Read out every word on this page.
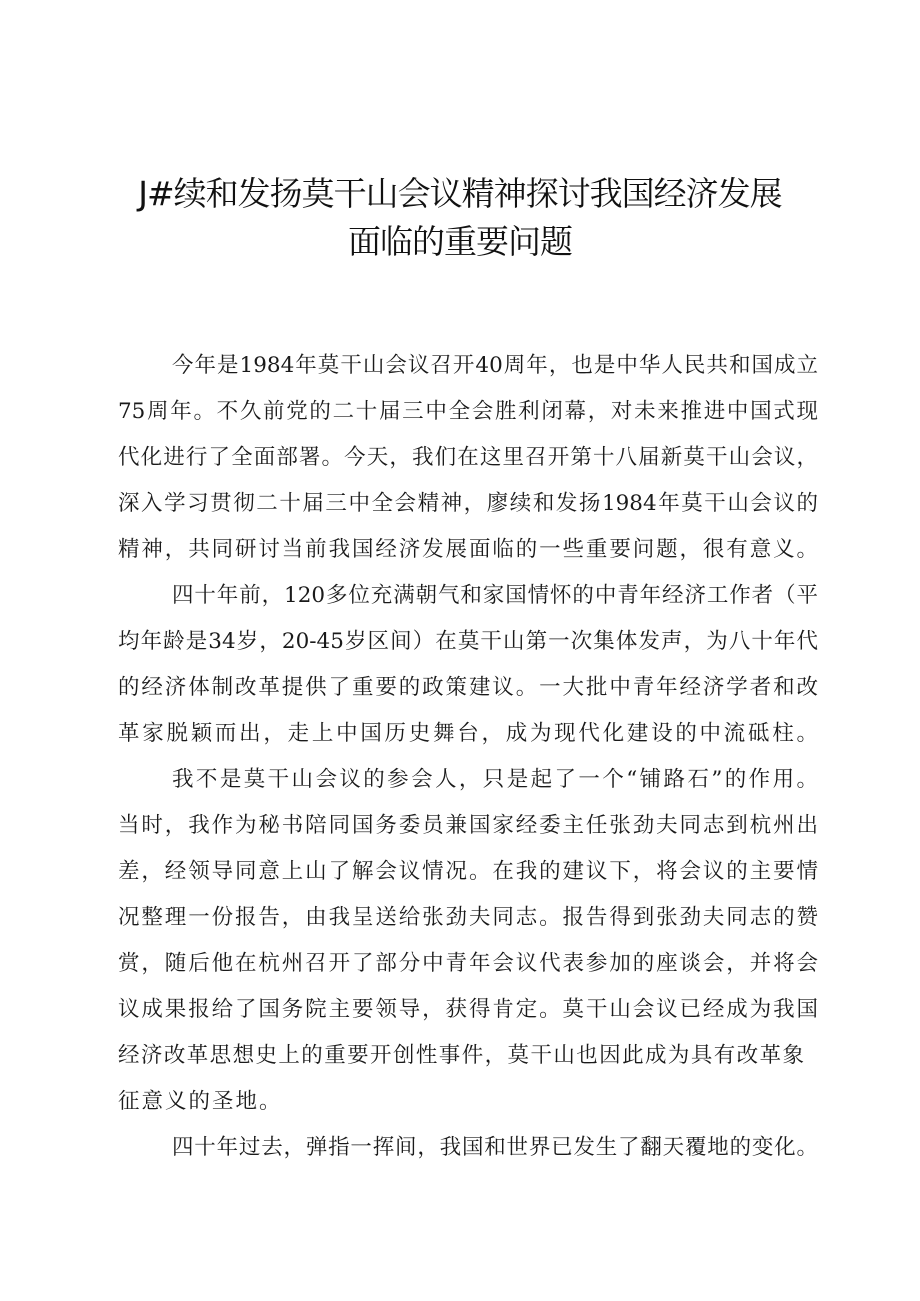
J#续和发扬莫干山会议精神探讨我国经济发展
面临的重要问题
今年是1984年莫干山会议召开40周年，也是中华人民共和国成立
75周年。不久前党的二十届三中全会胜利闭幕，对未来推进中国式现
代化进行了全面部署。今天，我们在这里召开第十八届新莫干山会议，
深入学习贯彻二十届三中全会精神，廖续和发扬1984年莫干山会议的
精神，共同研讨当前我国经济发展面临的一些重要问题，很有意义。
四十年前，120多位充满朝气和家国情怀的中青年经济工作者（平
均年龄是34岁，20-45岁区间）在莫干山第一次集体发声，为八十年代
的经济体制改革提供了重要的政策建议。一大批中青年经济学者和改
革家脱颖而出，走上中国历史舞台，成为现代化建设的中流砥柱。
我不是莫干山会议的参会人，只是起了一个“铺路石”的作用。
当时，我作为秘书陪同国务委员兼国家经委主任张劲夫同志到杭州出
差，经领导同意上山了解会议情况。在我的建议下，将会议的主要情
况整理一份报告，由我呈送给张劲夫同志。报告得到张劲夫同志的赞
赏，随后他在杭州召开了部分中青年会议代表参加的座谈会，并将会
议成果报给了国务院主要领导，获得肯定。莫干山会议已经成为我国
经济改革思想史上的重要开创性事件，莫干山也因此成为具有改革象
征意义的圣地。
四十年过去，弹指一挥间，我国和世界已发生了翻天覆地的变化。
